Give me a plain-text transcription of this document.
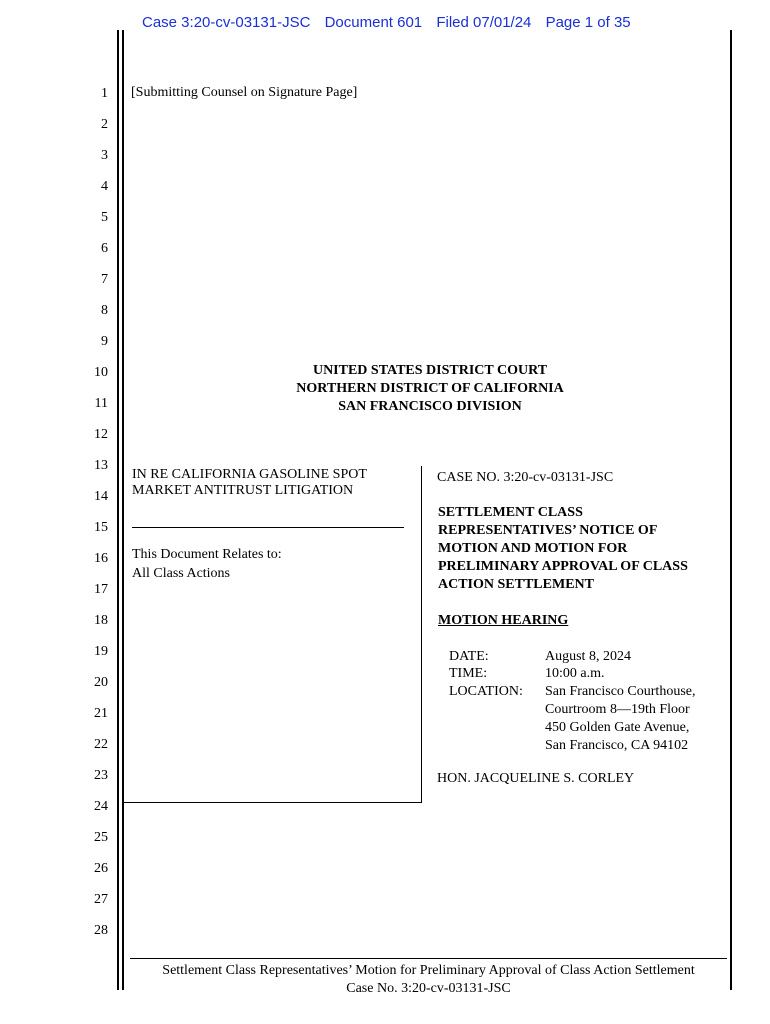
Case 3:20-cv-03131-JSC Document 601 Filed 07/01/24 Page 1 of 35
1
2
3
4
5
6
7
8
9
10
11
12
13
14
15
16
17
18
19
20
21
22
23
24
25
26
27
28
[Submitting Counsel on Signature Page]
UNITED STATES DISTRICT COURT
NORTHERN DISTRICT OF CALIFORNIA
SAN FRANCISCO DIVISION
IN RE CALIFORNIA GASOLINE SPOT
MARKET ANTITRUST LITIGATION
This Document Relates to:
All Class Actions
CASE NO. 3:20-cv-03131-JSC
SETTLEMENT CLASS
REPRESENTATIVES’ NOTICE OF
MOTION AND MOTION FOR
PRELIMINARY APPROVAL OF CLASS
ACTION SETTLEMENT
MOTION HEARING
DATE:	August 8, 2024
TIME:	10:00 a.m.
LOCATION: San Francisco Courthouse,
Courtroom 8—19th Floor
450 Golden Gate Avenue,
San Francisco, CA 94102
HON. JACQUELINE S. CORLEY
Settlement Class Representatives’ Motion for Preliminary Approval of Class Action Settlement
Case No. 3:20-cv-03131-JSC
